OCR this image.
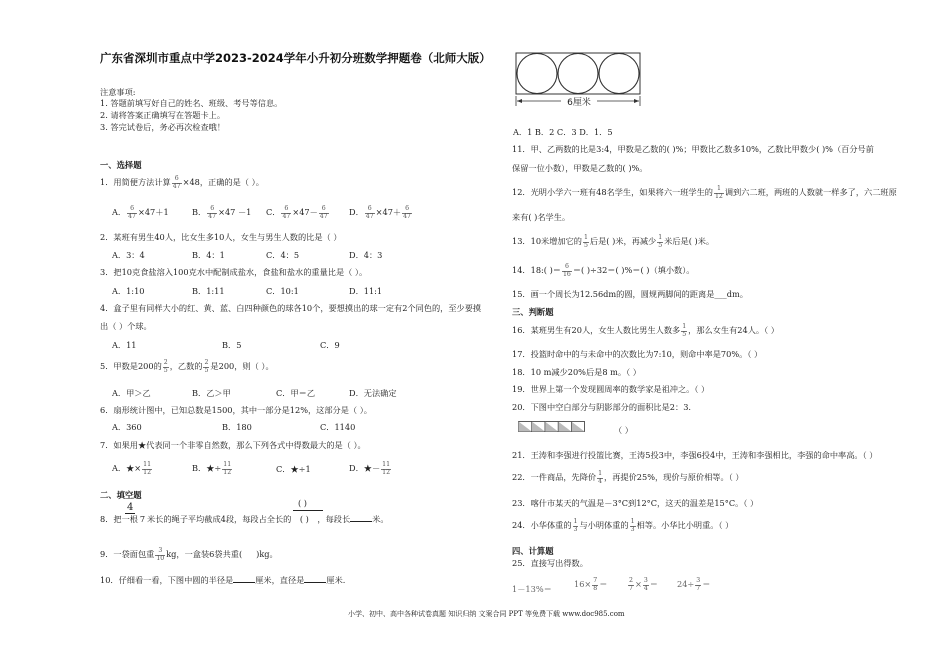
广东省深圳市重点中学2023-2024学年小升初分班数学押题卷（北师大版）
注意事项:
1. 答题前填写好自己的姓名、班级、考号等信息。
2. 请将答案正确填写在答题卡上。
3. 答完试卷后，务必再次检查哦！
一、选择题
1．用简便方法计算 $\frac{6}{47} \times 48$，正确的是（ ）。
A． $\frac{6}{47} \times 47+1$	B． $\frac{6}{47} \times 47 -1$ C． $\frac{6}{47} \times 47- \frac{6}{47}$ D． $\frac{6}{47} \times 47+ \frac{6}{47}$
2．某班有男生40人，比女生多10人，女生与男生人数的比是（ ）
A．3：4	B．4：1	C．4：5	D．4：3
3．把10克食盐溶入100克水中配制成盐水，食盐和盐水的重量比是（ ）。
A．1:10	B．1:11	C．10:1	D．11:1
4．盒子里有同样大小的红、黄、蓝、白四种颜色的球各10个，要想摸出的球一定有2个同色的，至少要摸
出（ ）个球。
A．11	B．5	C．9
5．甲数是200的 $\frac{2}{5}$ ，乙数的 $\frac{2}{5}$ 是200，则（ ）。
A．甲＞乙	B．乙＞甲	C．甲＝乙	D．无法确定
6．扇形统计图中，已知总数是1500，其中一部分是12%，这部分是（ ）。
A．360	B．180	C．1140
7．如果用★代表同一个非零自然数，那么下列各式中得数最大的是（ ）。
A．★× $\frac{11}{12}$	B．★÷ $\frac{11}{12}$	C．★÷1	D．★－ $\frac{11}{12}$
二、填空题
4	( )
8．把一根 7 米长的绳子平均截成4段，每段占全长的 ( ) ，每段长	米。
9．一袋面包重 $\frac{3}{10}$ kg，一盒装6袋共重( )kg。
10．仔细看一看，下图中圆的半径是	厘米，直径是	厘米.
6厘米
A．1 B．2 C．3 D．1．5
11．甲、乙两数的比是3:4，甲数是乙数的( )%；甲数比乙数多10%，乙数比甲数少( )%（百分号前
保留一位小数），甲数是乙数的( )%。
12．光明小学六一班有48名学生，如果将六一班学生的 $\frac{1}{12}$ 调到六二班，两班的人数就一样多了，六二班原
来有( )名学生。
13．10米增加它的 $\frac{1}{5}$ 后是( )米，再减少 $\frac{1}{5}$ 米后是( )米。
14．18:( )＝ $\frac{6}{16}$ ＝( )÷32＝( )%＝( )（填小数）。
15．画一个周长为12.56dm的圆，圆规两脚间的距离是___dm。
三、判断题
16．某班男生有20人，女生人数比男生人数多 $\frac{1}{5}$ ，那么女生有24人。（ ）
17．投篮时命中的与未命中的次数比为7:10，则命中率是70%。（ ）
18．10 m减少20%后是8 m。（ ）
19．世界上第一个发现圆周率的数学家是祖冲之。（ ）
20．下图中空白部分与阴影部分的面积比是2：3.
（ ）
21．王涛和李强进行投篮比赛，王涛5投3中，李强6投4中，王涛和李强相比，李强的命中率高。（ ）
22．一件商品，先降价 $\frac{1}{4}$ ，再提价25%，现价与原价相等。（ ）
23．喀什市某天的气温是－3°C到12°C，这天的温差是15°C。（ ）
24．小华体重的 $\frac{1}{3}$ 与小明体重的 $\frac{1}{3}$ 相等。小华比小明重。（ ）
四、计算题
25．直接写出得数。
1－13%＝	$16\times \frac{7}{8}$ ＝	$\frac{2}{7} \times \frac{3}{4} = 24\div \frac{3}{7}$ ＝
小学、初中、高中各种试卷真题 知识归纳 文案合同 PPT 等免费下载 www.doc985.com
